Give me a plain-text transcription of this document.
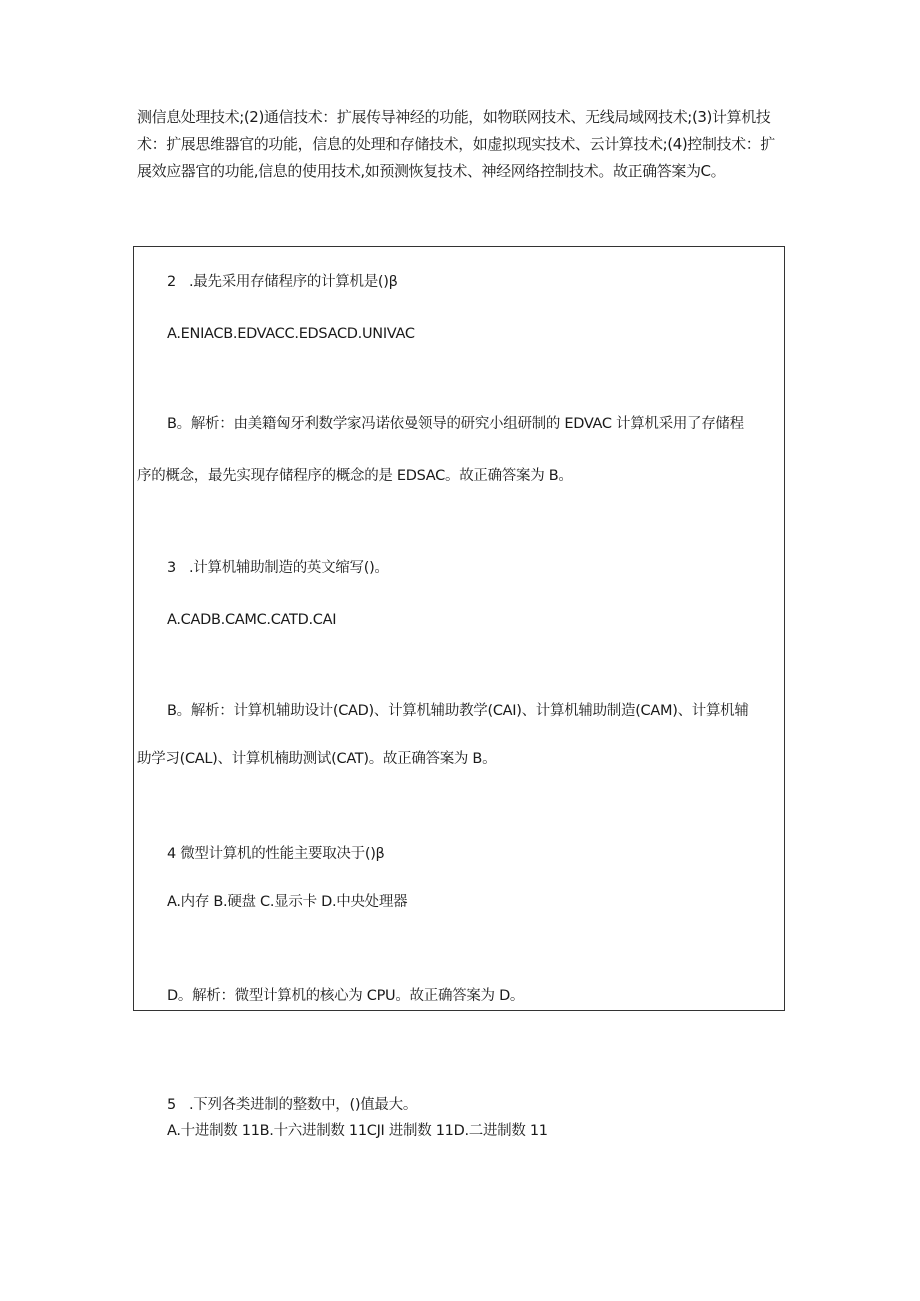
测信息处理技术;(2)通信技术：扩展传导神经的功能，如物联网技术、无线局域网技术;(3)计算机技术：扩展思维器官的功能，信息的处理和存储技术，如虚拟现实技术、云计算技术;(4)控制技术：扩展效应器官的功能,信息的使用技术,如预测恢复技术、神经网络控制技术。故正确答案为C。
2 .最先采用存储程序的计算机是()β
A.ENIACB.EDVACC.EDSACD.UNIVAC
B。解析：由美籍匈牙利数学家冯诺依曼领导的研究小组研制的 EDVAC 计算机采用了存储程
序的概念，最先实现存储程序的概念的是 EDSAC。故正确答案为 B。
3 .计算机辅助制造的英文缩写()。
A.CADB.CAMC.CATD.CAI
B。解析：计算机辅助设计(CAD)、计算机辅助教学(CAI)、计算机辅助制造(CAM)、计算机辅
助学习(CAL)、计算机楠助测试(CAT)。故正确答案为 B。
4 微型计算机的性能主要取决于()β
A.内存 B.硬盘 C.显示卡 D.中央处理器
D。解析：微型计算机的核心为 CPU。故正确答案为 D。
5 .下列各类进制的整数中，()值最大。
A.十进制数 11B.十六进制数 11CJI 进制数 11D.二进制数 11
